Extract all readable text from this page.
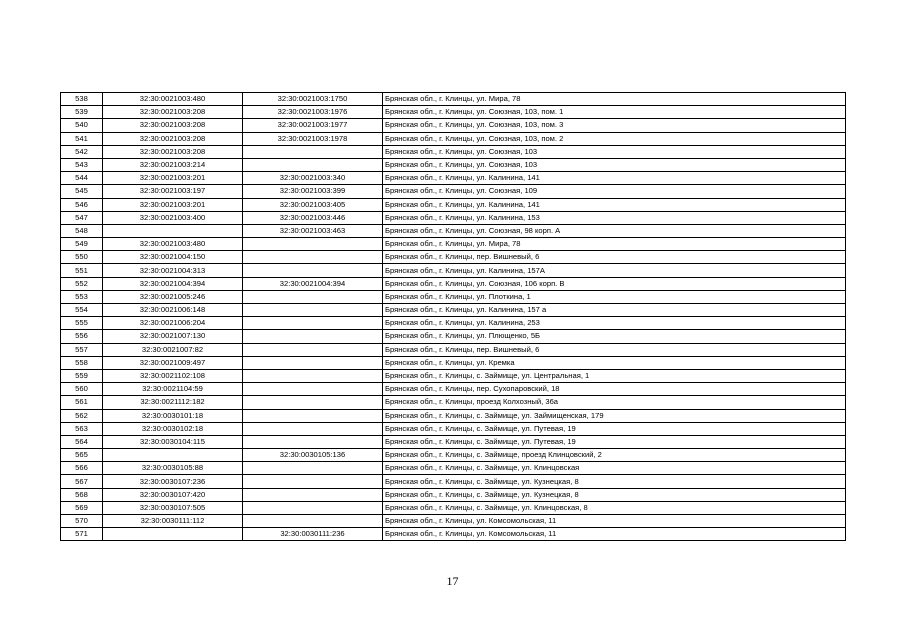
538	32:30:0021003:480	32:30:0021003:1750	Брянская обл., г. Клинцы, ул. Мира, 78
539	32:30:0021003:208	32:30:0021003:1976	Брянская обл., г. Клинцы, ул. Союзная, 103, пом. 1
540	32:30:0021003:208	32:30:0021003:1977	Брянская обл., г. Клинцы, ул. Союзная, 103, пом. 3
541	32:30:0021003:208	32:30:0021003:1978	Брянская обл., г. Клинцы, ул. Союзная, 103, пом. 2
542	32:30:0021003:208		Брянская обл., г. Клинцы, ул. Союзная, 103
543	32:30:0021003:214		Брянская обл., г. Клинцы, ул. Союзная, 103
544	32:30:0021003:201	32:30:0021003:340	Брянская обл., г. Клинцы, ул. Калинина, 141
545	32:30:0021003:197	32:30:0021003:399	Брянская обл., г. Клинцы, ул. Союзная, 109
546	32:30:0021003:201	32:30:0021003:405	Брянская обл., г. Клинцы, ул. Калинина, 141
547	32:30:0021003:400	32:30:0021003:446	Брянская обл., г. Клинцы, ул. Калинина, 153
548		32:30:0021003:463	Брянская обл., г. Клинцы, ул. Союзная, 98 корп. А
549	32:30:0021003:480		Брянская обл., г. Клинцы, ул. Мира, 78
550	32:30:0021004:150		Брянская обл., г. Клинцы, пер. Вишневый, 6
551	32:30:0021004:313		Брянская обл., г. Клинцы, ул. Калинина, 157А
552	32:30:0021004:394	32:30:0021004:394	Брянская обл., г. Клинцы, ул. Союзная, 106 корп. В
553	32:30:0021005:246		Брянская обл., г. Клинцы, ул. Плоткина, 1
554	32:30:0021006:148		Брянская обл., г. Клинцы, ул. Калинина, 157 а
555	32:30:0021006:204		Брянская обл., г. Клинцы, ул. Калинина, 253
556	32:30:0021007:130		Брянская обл., г. Клинцы, ул. Плющенко, 5Б
557	32:30:0021007:82		Брянская обл., г. Клинцы, пер. Вишневый, 6
558	32:30:0021009:497		Брянская обл., г. Клинцы, ул. Кремка
559	32:30:0021102:108		Брянская обл., г. Клинцы, с. Займище, ул. Центральная, 1
560	32:30:0021104:59		Брянская обл., г. Клинцы, пер. Сухопаровский, 18
561	32:30:0021112:182		Брянская обл., г. Клинцы, проезд Колхозный, 36а
562	32:30:0030101:18		Брянская обл., г. Клинцы, с. Займище, ул. Займищенская, 179
563	32:30:0030102:18		Брянская обл., г. Клинцы, с. Займище, ул. Путевая, 19
564	32:30:0030104:115		Брянская обл., г. Клинцы, с. Займище, ул. Путевая, 19
565		32:30:0030105:136	Брянская обл., г. Клинцы, с. Займище, проезд Клинцовский, 2
566	32:30:0030105:88		Брянская обл., г. Клинцы, с. Займище, ул. Клинцовская
567	32:30:0030107:236		Брянская обл., г. Клинцы, с. Займище, ул. Кузнецкая, 8
568	32:30:0030107:420		Брянская обл., г. Клинцы, с. Займище, ул. Кузнецкая, 8
569	32:30:0030107:505		Брянская обл., г. Клинцы, с. Займище, ул. Клинцовская, 8
570	32:30:0030111:112		Брянская обл., г. Клинцы, ул. Комсомольская, 11
571		32:30:0030111:236	Брянская обл., г. Клинцы, ул. Комсомольская, 11
17
